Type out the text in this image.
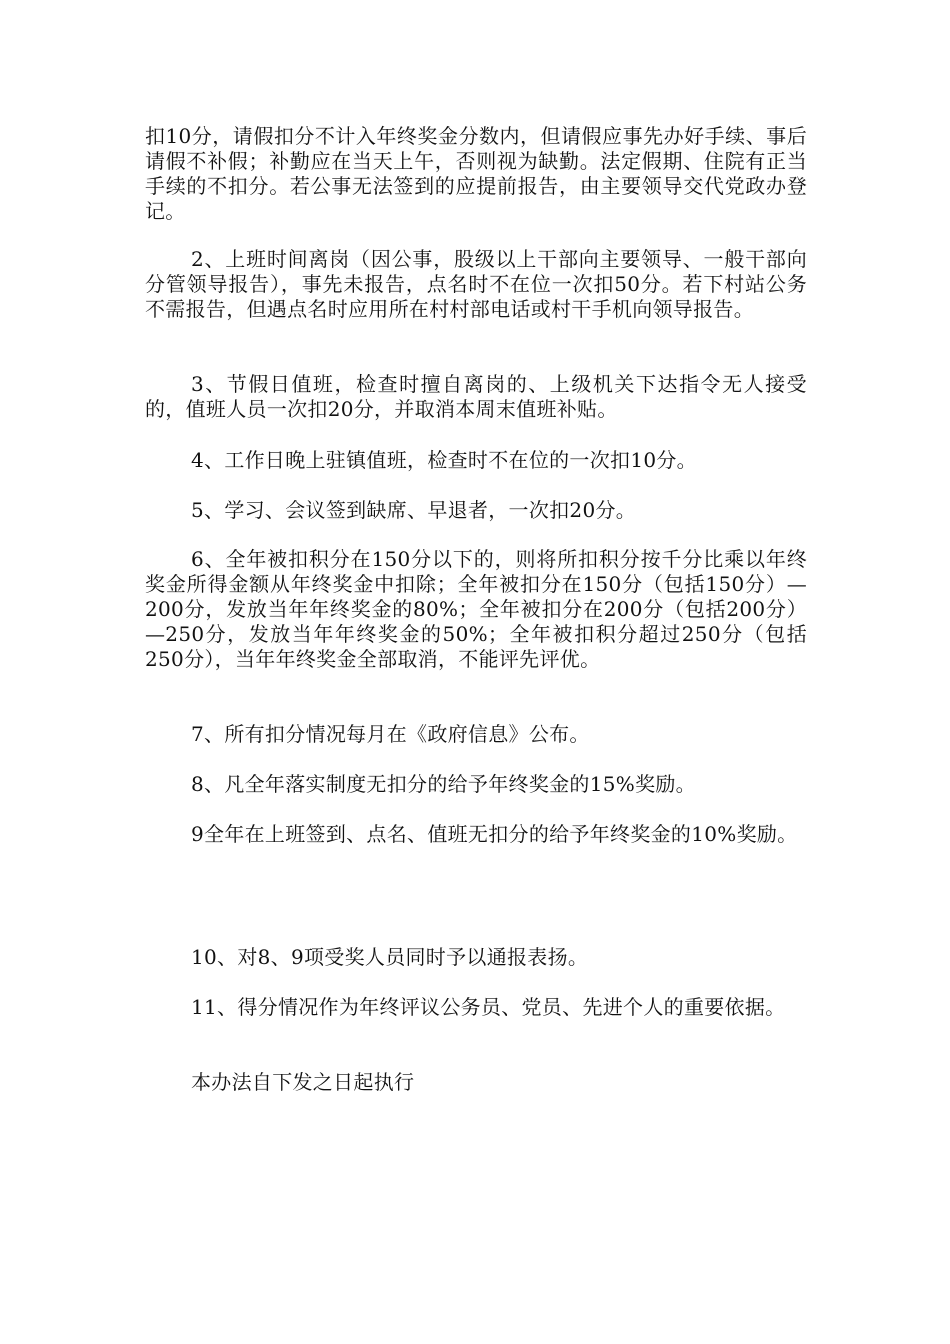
扣10分，请假扣分不计入年终奖金分数内，但请假应事先办好手续、事后请假不补假；补勤应在当天上午，否则视为缺勤。法定假期、住院有正当手续的不扣分。若公事无法签到的应提前报告，由主要领导交代党政办登记。

2、上班时间离岗（因公事，股级以上干部向主要领导、一般干部向分管领导报告），事先未报告，点名时不在位一次扣50分。若下村站公务不需报告，但遇点名时应用所在村村部电话或村干手机向领导报告。

3、节假日值班，检查时擅自离岗的、上级机关下达指令无人接受的，值班人员一次扣20分，并取消本周末值班补贴。

4、工作日晚上驻镇值班，检查时不在位的一次扣10分。

5、学习、会议签到缺席、早退者，一次扣20分。

6、全年被扣积分在150分以下的，则将所扣积分按千分比乘以年终奖金所得金额从年终奖金中扣除；全年被扣分在150分（包括150分）—200分，发放当年年终奖金的80%；全年被扣分在200分（包括200分）—250分，发放当年年终奖金的50%；全年被扣积分超过250分（包括250分），当年年终奖金全部取消，不能评先评优。

7、所有扣分情况每月在《政府信息》公布。

8、凡全年落实制度无扣分的给予年终奖金的15%奖励。

9全年在上班签到、点名、值班无扣分的给予年终奖金的10%奖励。

10、对8、9项受奖人员同时予以通报表扬。

11、得分情况作为年终评议公务员、党员、先进个人的重要依据。

本办法自下发之日起执行
